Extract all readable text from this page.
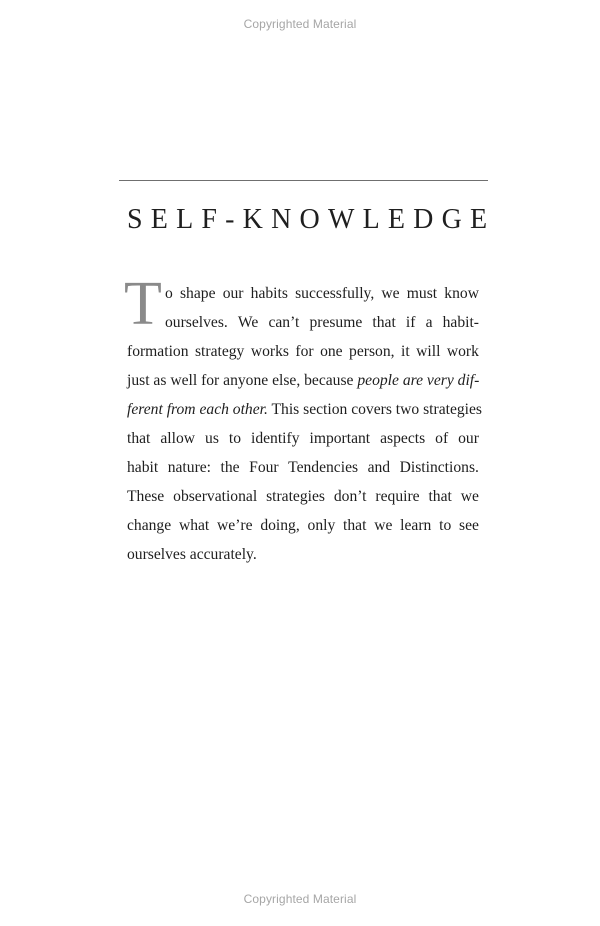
Copyrighted Material
SELF-KNOWLEDGE
T o shape our habits successfully, we must know
ourselves. We can’t presume that if a habit-
formation strategy works for one person, it will work
just as well for anyone else, because people are very dif-
ferent from each other. This section covers two strategies
that allow us to identify important aspects of our
habit nature: the Four Tendencies and Distinctions.
These observational strategies don’t require that we
change what we’re doing, only that we learn to see
ourselves accurately.
Copyrighted Material
